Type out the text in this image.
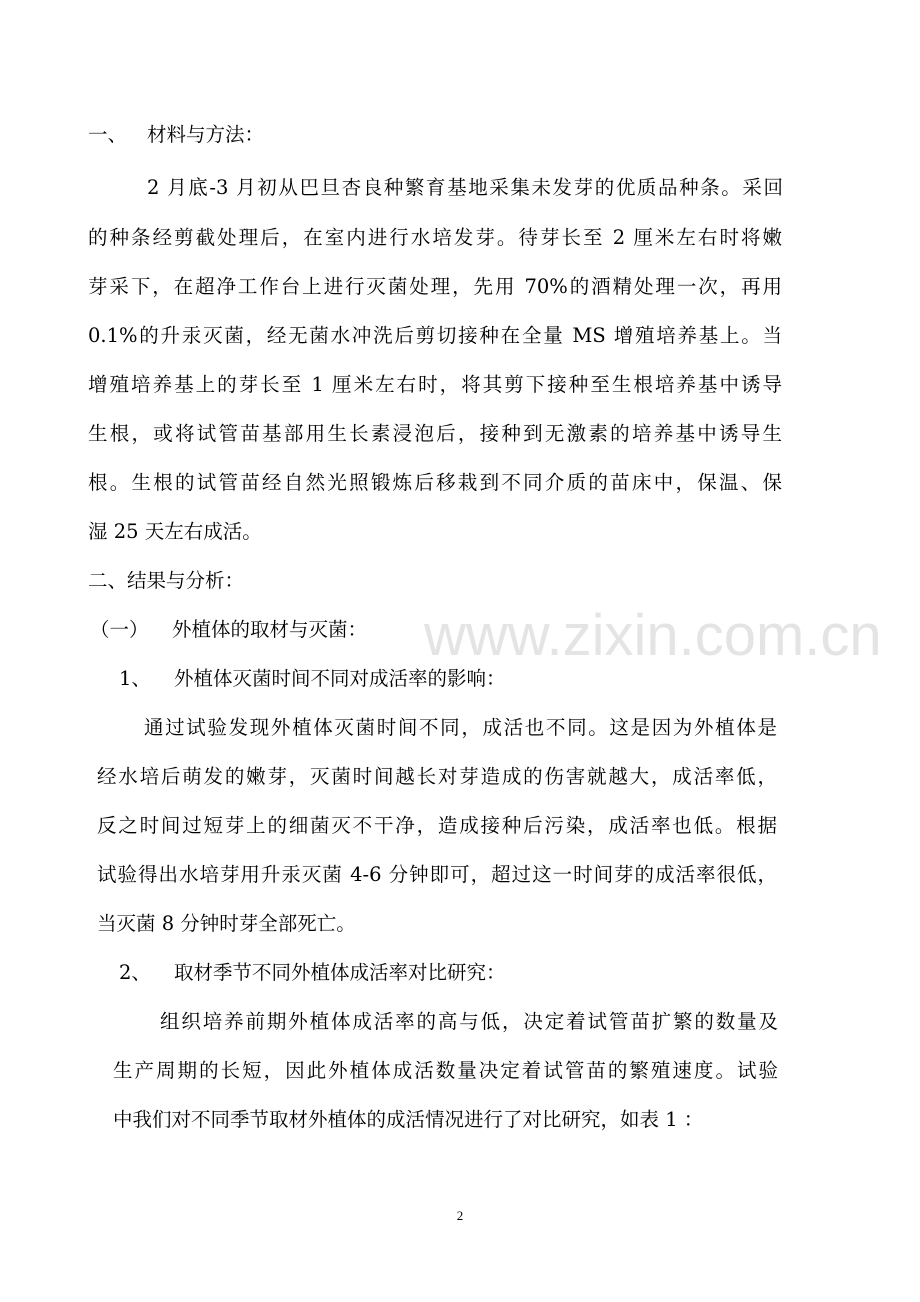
www.zixin.com.cn
一、 材料与方法：
2 月底-3 月初从巴旦杏良种繁育基地采集未发芽的优质品种条。采回
的种条经剪截处理后，在室内进行水培发芽。待芽长至 2 厘米左右时将嫩
芽采下，在超净工作台上进行灭菌处理，先用 70%的酒精处理一次，再用
0.1%的升汞灭菌，经无菌水冲洗后剪切接种在全量 MS 增殖培养基上。当
增殖培养基上的芽长至 1 厘米左右时，将其剪下接种至生根培养基中诱导
生根，或将试管苗基部用生长素浸泡后，接种到无激素的培养基中诱导生
根。生根的试管苗经自然光照锻炼后移栽到不同介质的苗床中，保温、保
湿 25 天左右成活。
二、结果与分析：
（一） 外植体的取材与灭菌：
1、 外植体灭菌时间不同对成活率的影响：
通过试验发现外植体灭菌时间不同，成活也不同。这是因为外植体是
经水培后萌发的嫩芽，灭菌时间越长对芽造成的伤害就越大，成活率低，
反之时间过短芽上的细菌灭不干净，造成接种后污染，成活率也低。根据
试验得出水培芽用升汞灭菌 4-6 分钟即可，超过这一时间芽的成活率很低，
当灭菌 8 分钟时芽全部死亡。
2、 取材季节不同外植体成活率对比研究：
组织培养前期外植体成活率的高与低，决定着试管苗扩繁的数量及
生产周期的长短，因此外植体成活数量决定着试管苗的繁殖速度。试验
中我们对不同季节取材外植体的成活情况进行了对比研究，如表 1 ：
2
